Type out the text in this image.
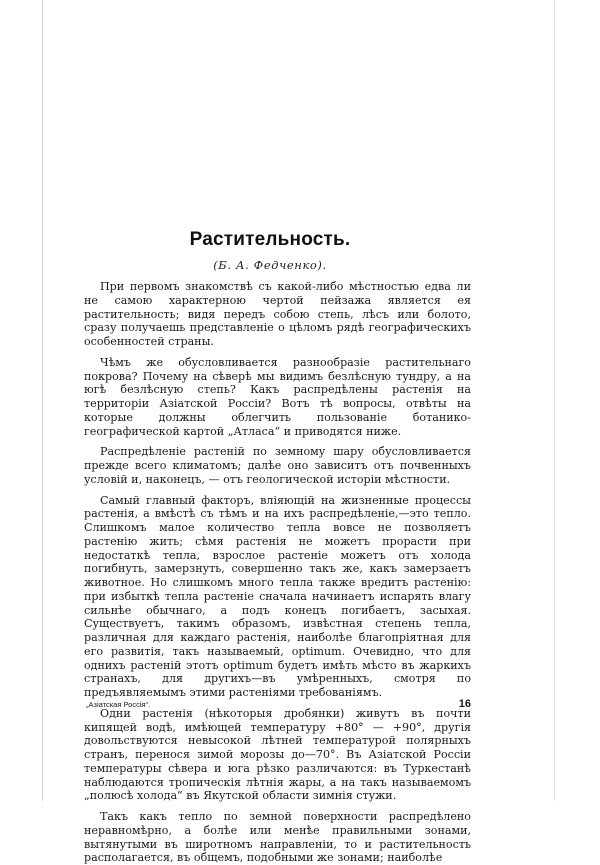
Растительность.
(Б. А. Федченко).

При первомъ знакомствѣ съ какой-либо мѣстностью едва ли не самою характерною чертой пейзажа является ея растительность; видя передъ собою степь, лѣсъ или болото, сразу получаешь представленіе о цѣломъ рядѣ географическихъ особенностей страны.

Чѣмъ же обусловливается разнообразіе растительнаго покрова? Почему на сѣверѣ мы видимъ безлѣсную тундру, а на югѣ безлѣсную степь? Какъ распредѣлены растенія на территоріи Азіатской Россіи? Вотъ тѣ вопросы, отвѣты на которые должны облегчить пользованіе ботанико-географической картой „Атласа“ и приводятся ниже.

Распредѣленіе растеній по земному шару обусловливается прежде всего климатомъ; далѣе оно зависитъ отъ почвенныхъ условій и, наконецъ, — отъ геологической исторіи мѣстности.

Самый главный факторъ, вліяющій на жизненные процессы растенія, а вмѣстѣ съ тѣмъ и на ихъ распредѣленіе,—это тепло. Слишкомъ малое количество тепла вовсе не позволяетъ растенію жить; сѣмя растенія не можетъ прорасти при недостаткѣ тепла, взрослое растеніе можетъ отъ холода погибнуть, замерзнуть, совершенно такъ же, какъ замерзаетъ животное. Но слишкомъ много тепла также вредитъ растенію: при избыткѣ тепла растеніе сначала начинаетъ испарять влагу сильнѣе обычнаго, а подъ конецъ погибаетъ, засыхая. Существуетъ, такимъ образомъ, извѣстная степень тепла, различная для каждаго растенія, наиболѣе благопріятная для его развитія, такъ называемый, optimum. Очевидно, что для однихъ растеній этотъ optimum будетъ имѣть мѣсто въ жаркихъ странахъ, для другихъ—въ умѣренныхъ, смотря по предъявляемымъ этими растеніями требованіямъ.

Одни растенія (нѣкоторыя дробянки) живутъ въ почти кипящей водѣ, имѣющей температуру +80° — +90°, другія довольствуются невысокой лѣтней температурой полярныхъ странъ, перенося зимой морозы до—70°. Въ Азіатской Россіи температуры сѣвера и юга рѣзко различаются: въ Туркестанѣ наблюдаются тропическія лѣтнія жары, а на такъ называемомъ „полюсѣ холода“ въ Якутской области зимнія стужи.

Такъ какъ тепло по земной поверхности распредѣлено неравномѣрно, а болѣе или менѣе правильными зонами, вытянутыми въ широтномъ направленіи, то и растительность располагается, въ общемъ, подобными же зонами; наиболѣе

„Азіатская Россія“.	16
